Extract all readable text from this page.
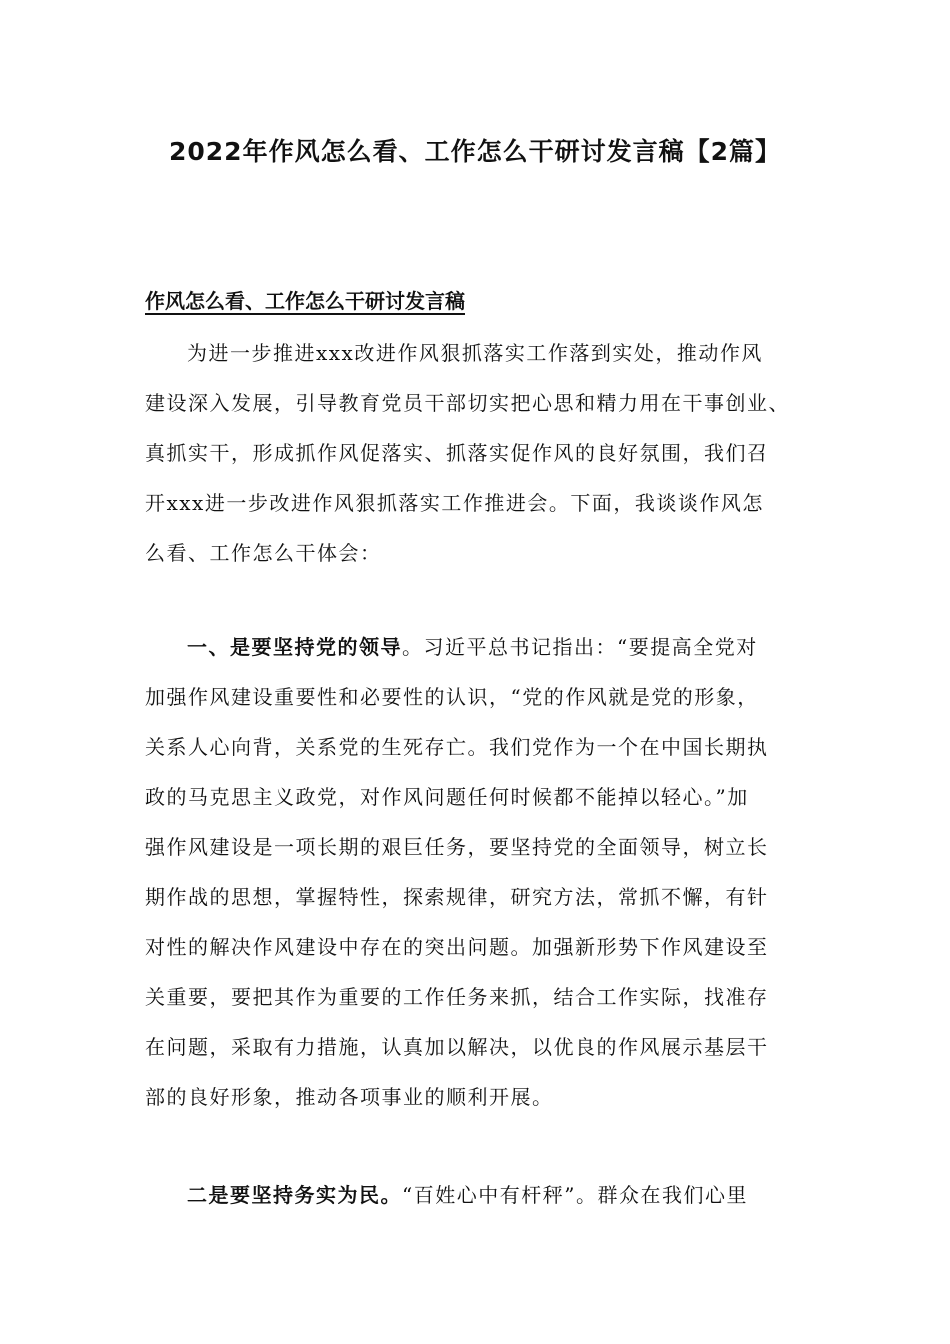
2022年作风怎么看、工作怎么干研讨发言稿【2篇】
作风怎么看、工作怎么干研讨发言稿
为进一步推进xxx改进作风狠抓落实工作落到实处，推动作风
建设深入发展，引导教育党员干部切实把心思和精力用在干事创业、
真抓实干，形成抓作风促落实、抓落实促作风的良好氛围，我们召
开xxx进一步改进作风狠抓落实工作推进会。下面，我谈谈作风怎
么看、工作怎么干体会：
一、是要坚持党的领导。习近平总书记指出：“要提高全党对
加强作风建设重要性和必要性的认识，“党的作风就是党的形象，
关系人心向背，关系党的生死存亡。我们党作为一个在中国长期执
政的马克思主义政党，对作风问题任何时候都不能掉以轻心。”加
强作风建设是一项长期的艰巨任务，要坚持党的全面领导，树立长
期作战的思想，掌握特性，探索规律，研究方法，常抓不懈，有针
对性的解决作风建设中存在的突出问题。加强新形势下作风建设至
关重要，要把其作为重要的工作任务来抓，结合工作实际，找准存
在问题，采取有力措施，认真加以解决，以优良的作风展示基层干
部的良好形象，推动各项事业的顺利开展。
二是要坚持务实为民。“百姓心中有杆秤”。群众在我们心里
